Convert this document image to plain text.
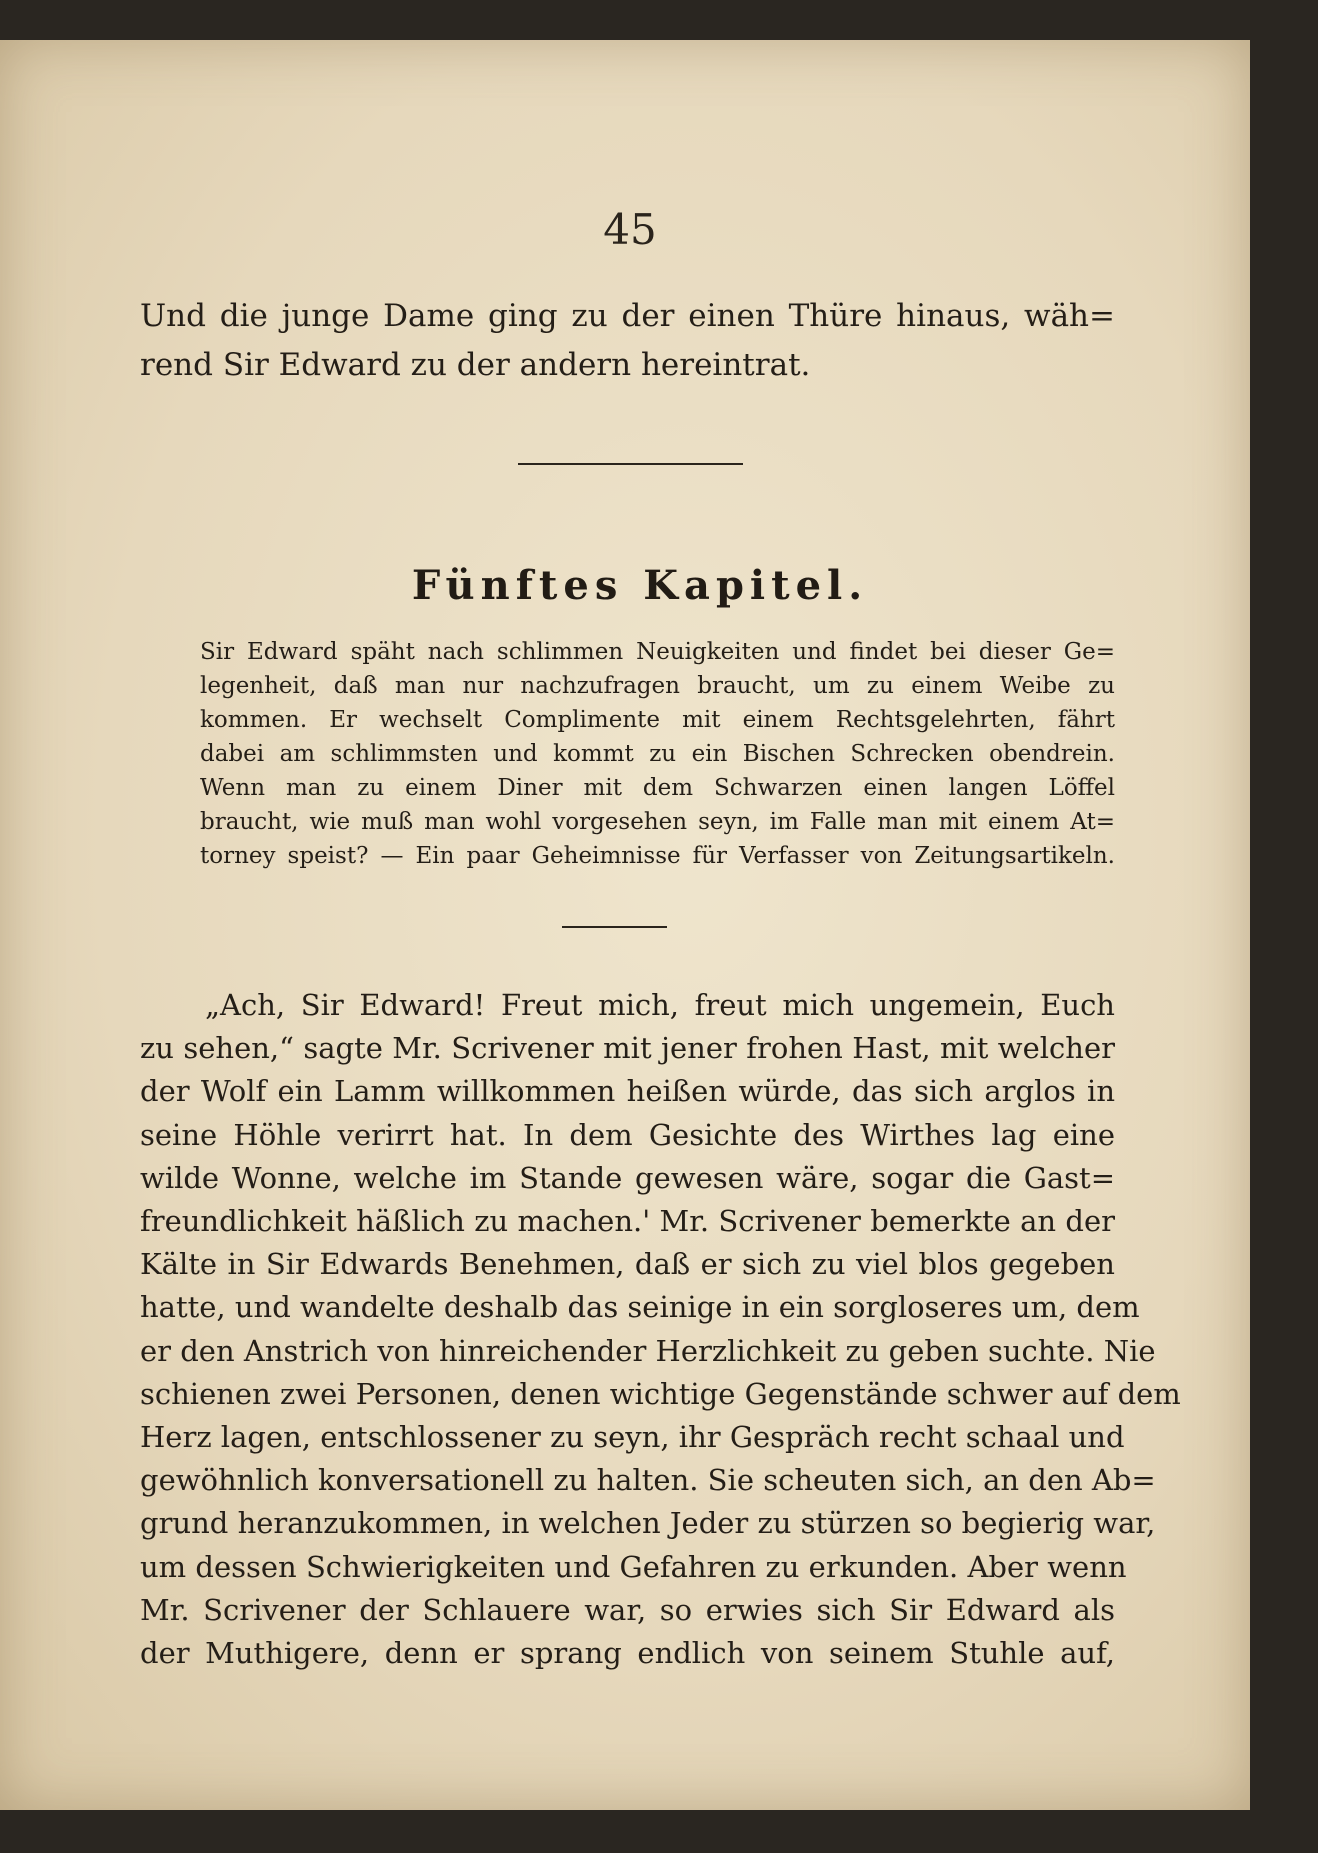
45
Und die junge Dame ging zu der einen Thüre hinaus, wäh=
rend Sir Edward zu der andern hereintrat.
Fünftes Kapitel.
Sir Edward späht nach schlimmen Neuigkeiten und findet bei dieser Ge=
legenheit, daß man nur nachzufragen braucht, um zu einem Weibe zu
kommen. Er wechselt Complimente mit einem Rechtsgelehrten, fährt
dabei am schlimmsten und kommt zu ein Bischen Schrecken obendrein.
Wenn man zu einem Diner mit dem Schwarzen einen langen Löffel
braucht, wie muß man wohl vorgesehen seyn, im Falle man mit einem At=
torney speist? — Ein paar Geheimnisse für Verfasser von Zeitungsartikeln.
„Ach, Sir Edward! Freut mich, freut mich ungemein, Euch
zu sehen,“ sagte Mr. Scrivener mit jener frohen Hast, mit welcher
der Wolf ein Lamm willkommen heißen würde, das sich arglos in
seine Höhle verirrt hat. In dem Gesichte des Wirthes lag eine
wilde Wonne, welche im Stande gewesen wäre, sogar die Gast=
freundlichkeit häßlich zu machen.' Mr. Scrivener bemerkte an der
Kälte in Sir Edwards Benehmen, daß er sich zu viel blos gegeben
hatte, und wandelte deshalb das seinige in ein sorgloseres um, dem
er den Anstrich von hinreichender Herzlichkeit zu geben suchte. Nie
schienen zwei Personen, denen wichtige Gegenstände schwer auf dem
Herz lagen, entschlossener zu seyn, ihr Gespräch recht schaal und
gewöhnlich konversationell zu halten. Sie scheuten sich, an den Ab=
grund heranzukommen, in welchen Jeder zu stürzen so begierig war,
um dessen Schwierigkeiten und Gefahren zu erkunden. Aber wenn
Mr. Scrivener der Schlauere war, so erwies sich Sir Edward als
der Muthigere, denn er sprang endlich von seinem Stuhle auf,
